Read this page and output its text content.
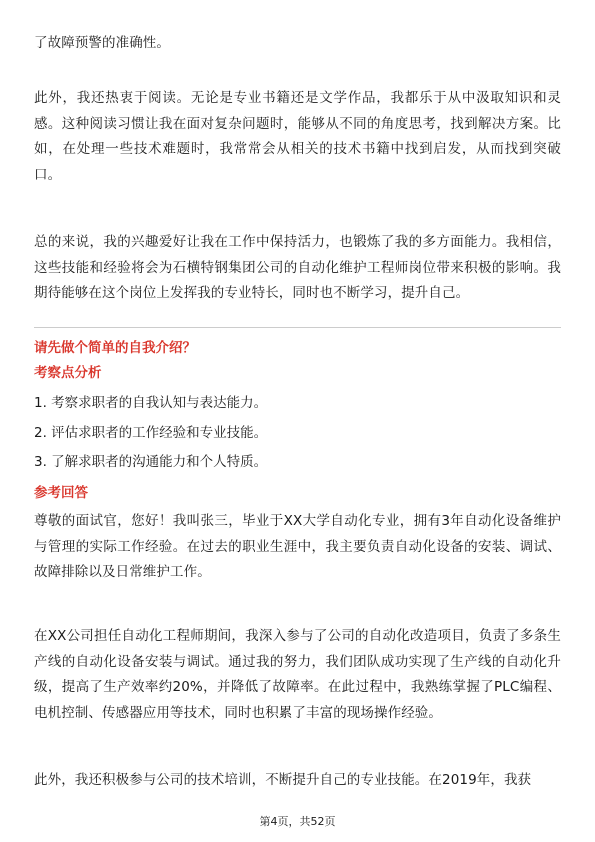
了故障预警的准确性。

此外，我还热衷于阅读。无论是专业书籍还是文学作品，我都乐于从中汲取知识和灵感。这种阅读习惯让我在面对复杂问题时，能够从不同的角度思考，找到解决方案。比如，在处理一些技术难题时，我常常会从相关的技术书籍中找到启发，从而找到突破口。

总的来说，我的兴趣爱好让我在工作中保持活力，也锻炼了我的多方面能力。我相信，这些技能和经验将会为石横特钢集团公司的自动化维护工程师岗位带来积极的影响。我期待能够在这个岗位上发挥我的专业特长，同时也不断学习，提升自己。

请先做个简单的自我介绍？

考察点分析

1. 考察求职者的自我认知与表达能力。
2. 评估求职者的工作经验和专业技能。
3. 了解求职者的沟通能力和个人特质。

参考回答

尊敬的面试官，您好！我叫张三，毕业于XX大学自动化专业，拥有3年自动化设备维护与管理的实际工作经验。在过去的职业生涯中，我主要负责自动化设备的安装、调试、故障排除以及日常维护工作。

在XX公司担任自动化工程师期间，我深入参与了公司的自动化改造项目，负责了多条生产线的自动化设备安装与调试。通过我的努力，我们团队成功实现了生产线的自动化升级，提高了生产效率约20%，并降低了故障率。在此过程中，我熟练掌握了PLC编程、电机控制、传感器应用等技术，同时也积累了丰富的现场操作经验。

此外，我还积极参与公司的技术培训，不断提升自己的专业技能。在2019年，我获

第4页，共52页
